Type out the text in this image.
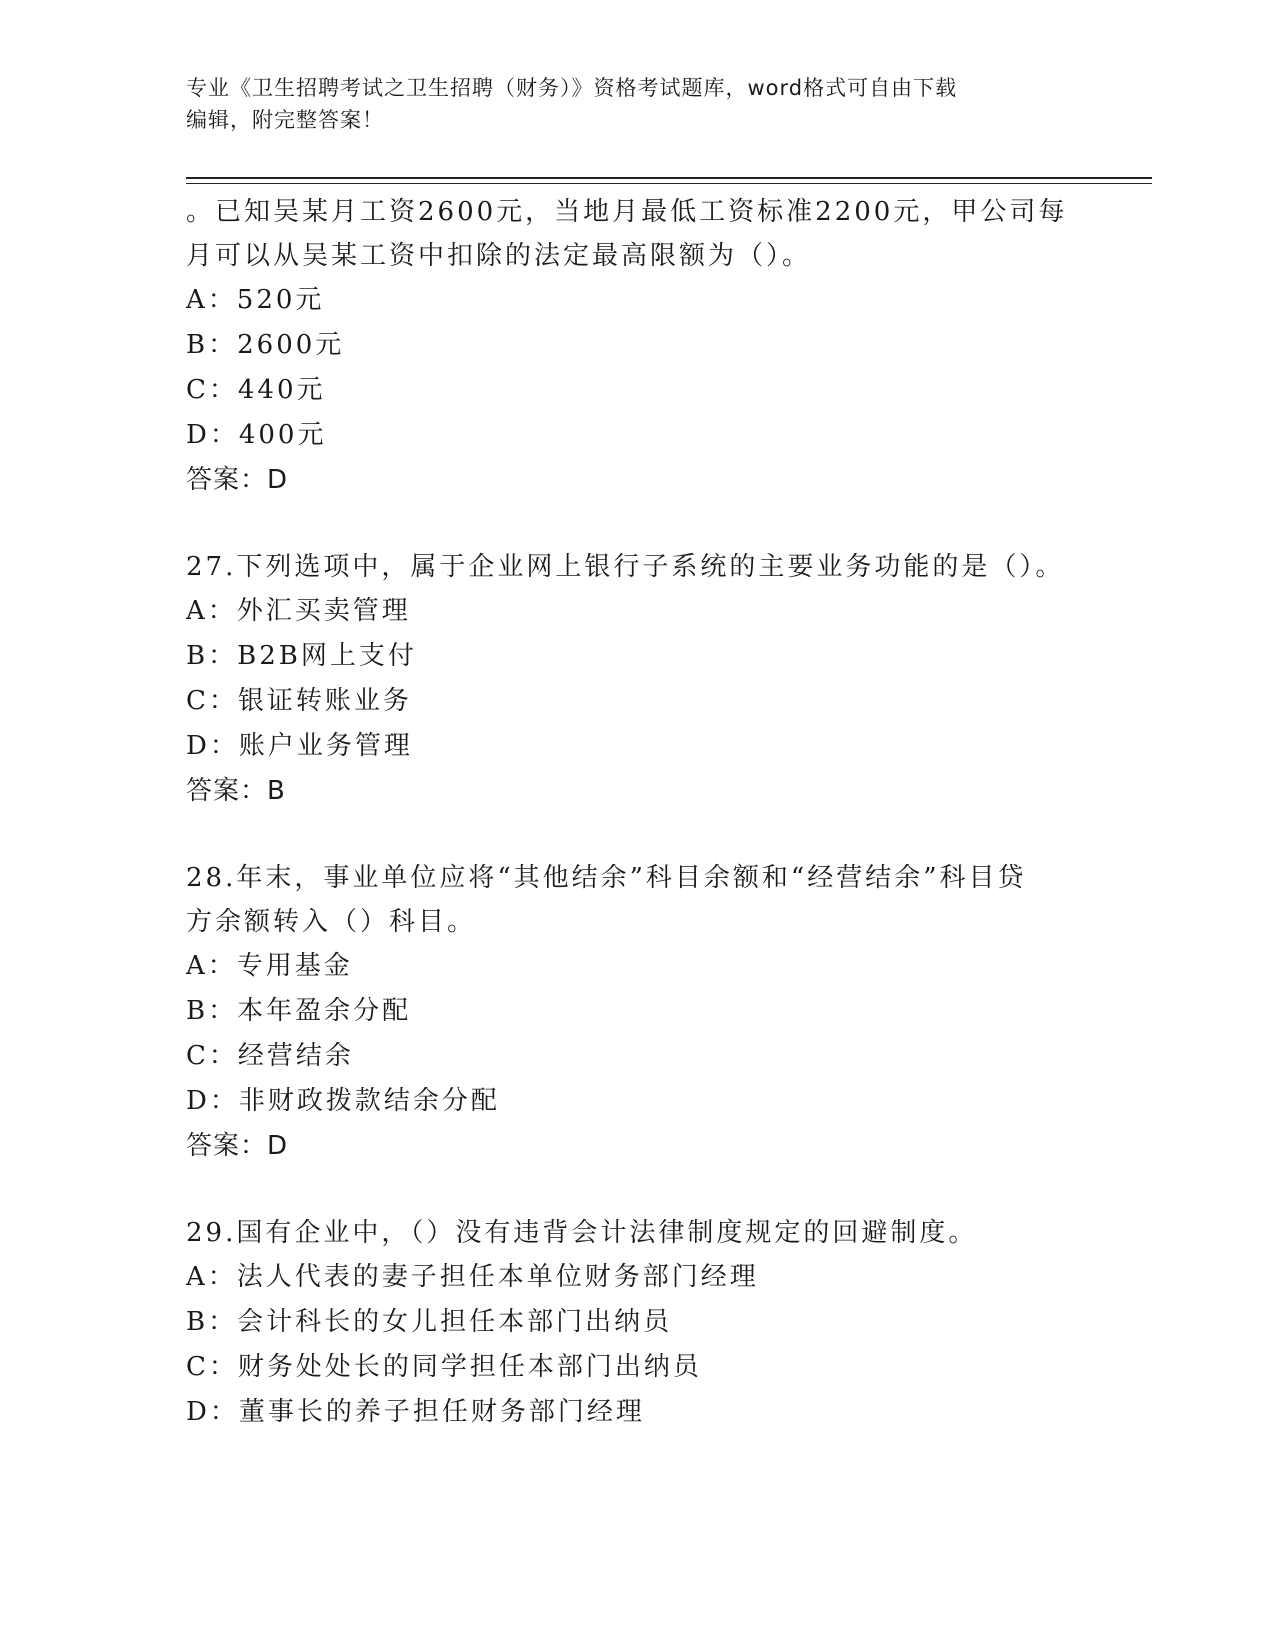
专业《卫生招聘考试之卫生招聘（财务）》资格考试题库，word格式可自由下载
编辑，附完整答案！
。已知吴某月工资2600元，当地月最低工资标准2200元，甲公司每
月可以从吴某工资中扣除的法定最高限额为（）。
A：520元
B：2600元
C：440元
D：400元
答案：D
27.下列选项中，属于企业网上银行子系统的主要业务功能的是（）。
A：外汇买卖管理
B：B2B网上支付
C：银证转账业务
D：账户业务管理
答案：B
28.年末，事业单位应将“其他结余”科目余额和“经营结余”科目贷
方余额转入（）科目。
A：专用基金
B：本年盈余分配
C：经营结余
D：非财政拨款结余分配
答案：D
29.国有企业中，（）没有违背会计法律制度规定的回避制度。
A：法人代表的妻子担任本单位财务部门经理
B：会计科长的女儿担任本部门出纳员
C：财务处处长的同学担任本部门出纳员
D：董事长的养子担任财务部门经理
